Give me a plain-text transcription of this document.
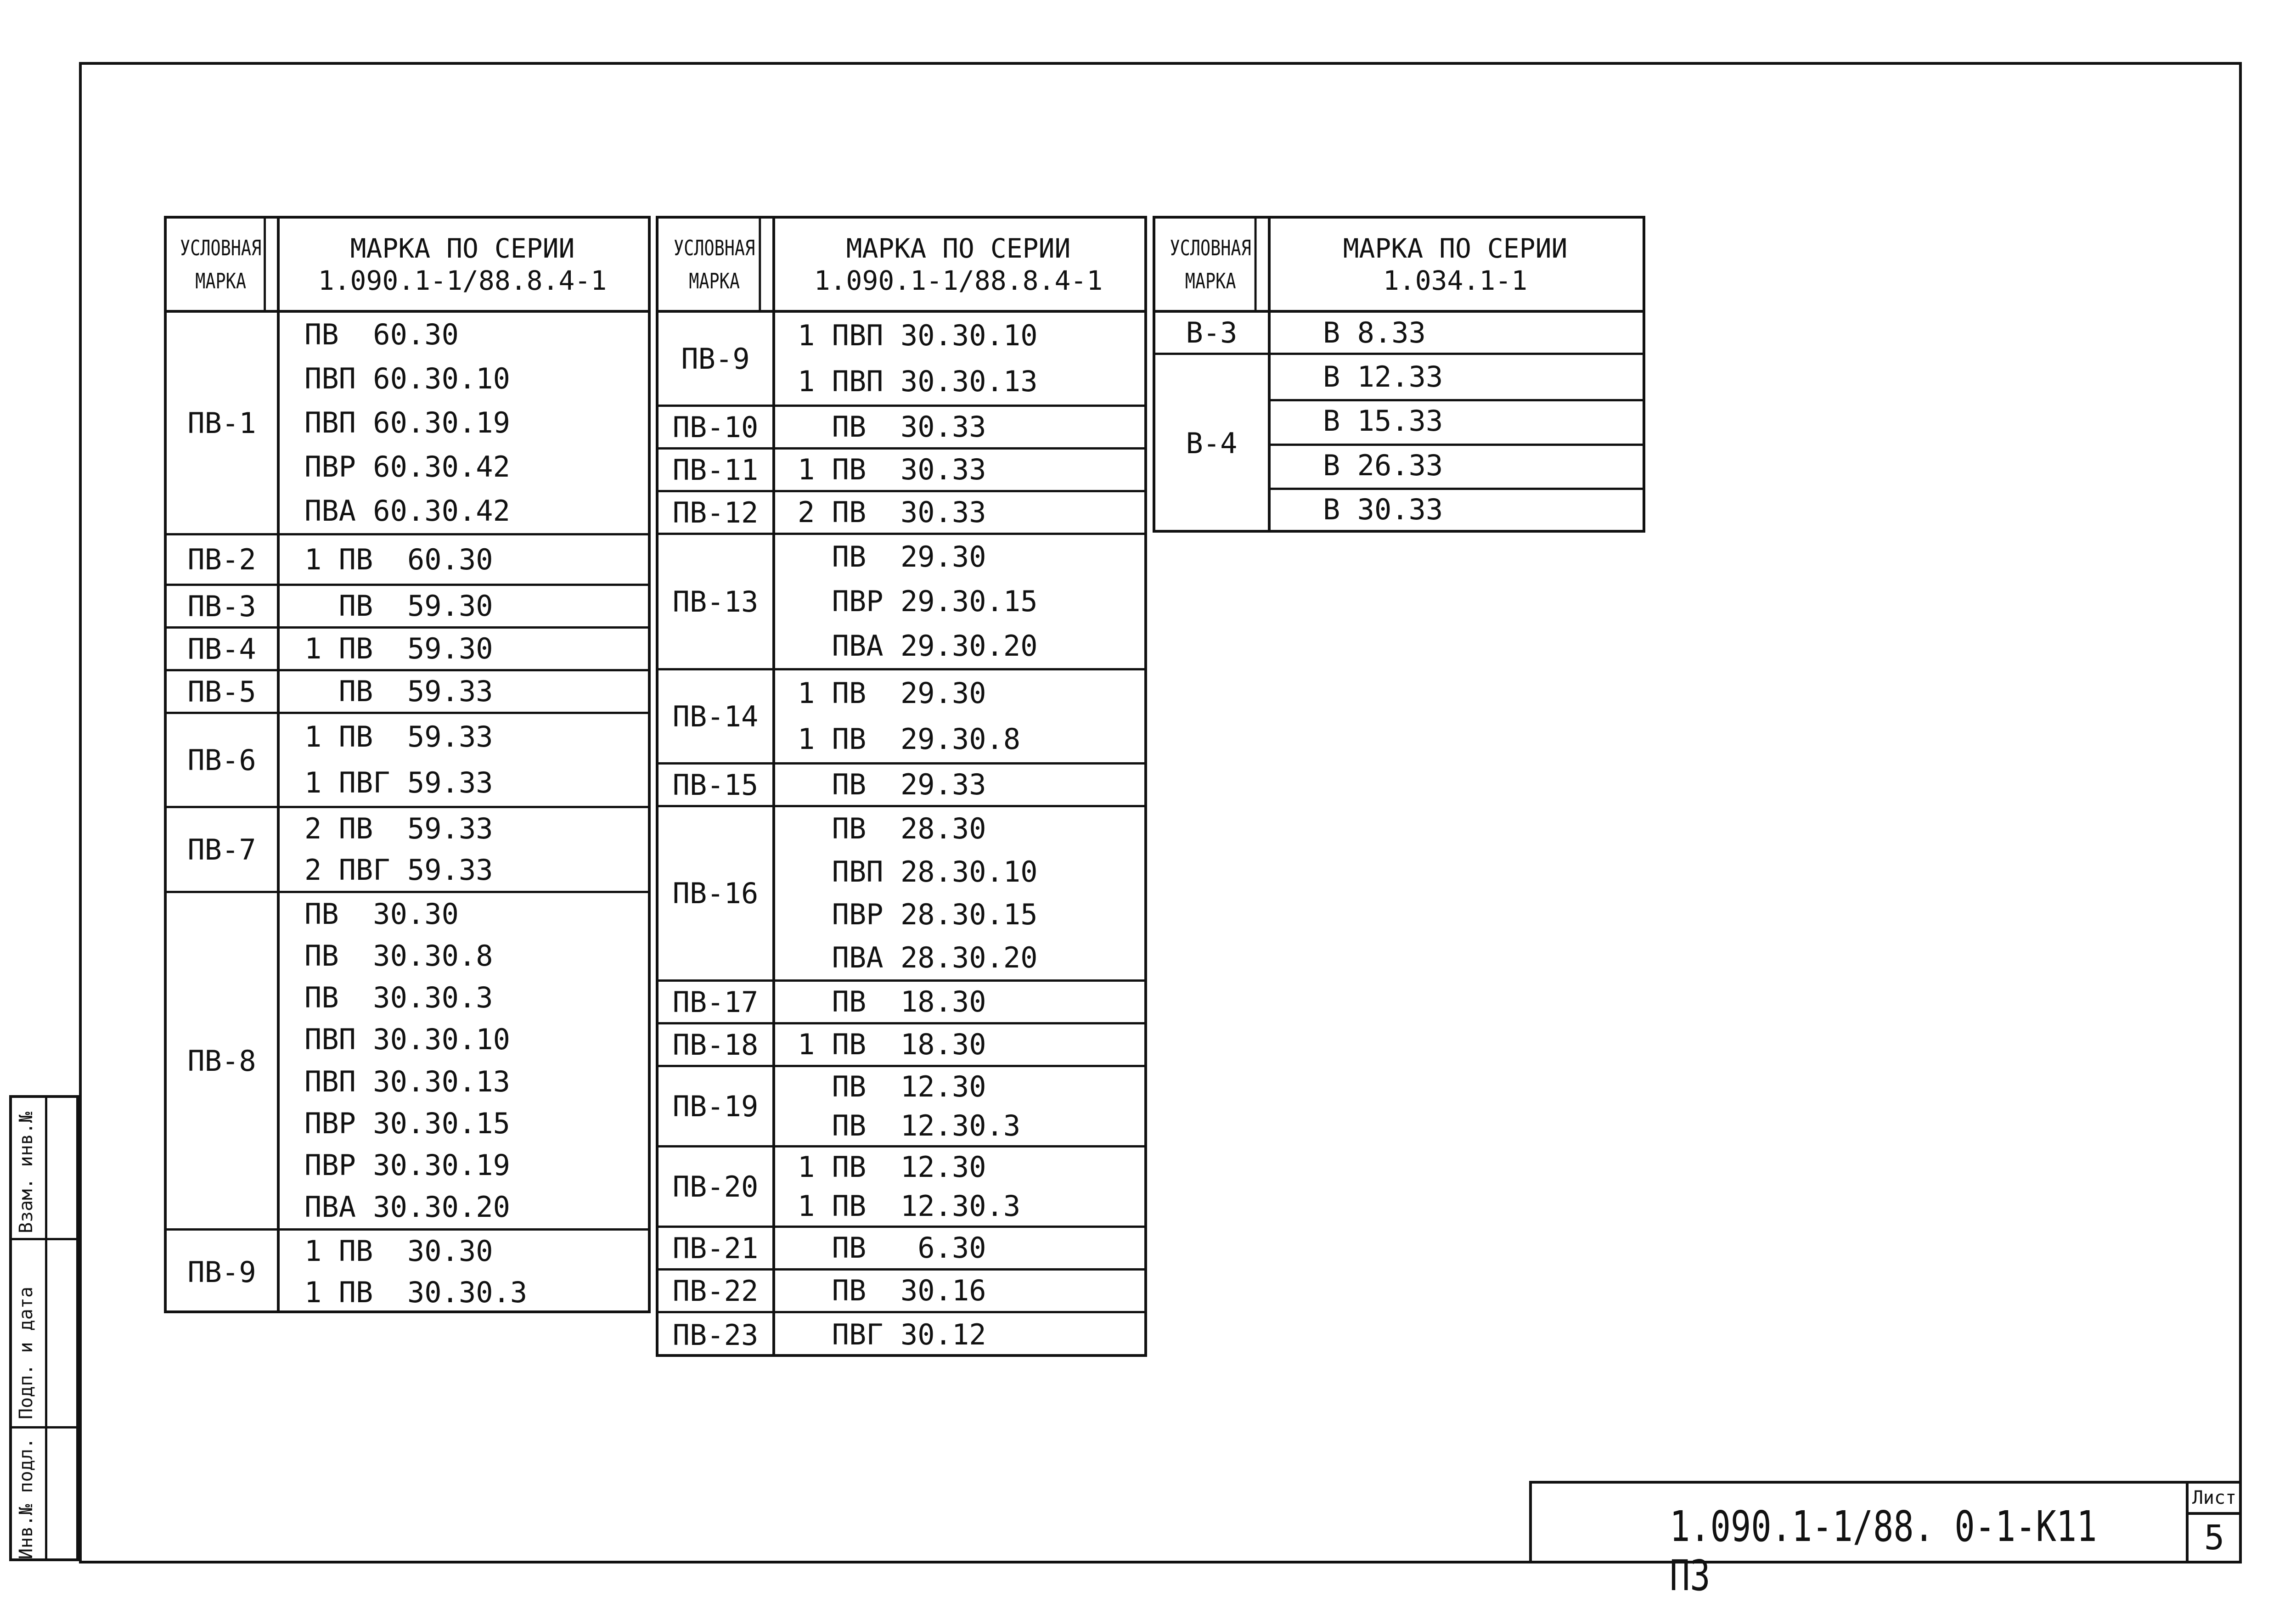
УСЛОВНАЯ
МАРКА
МАРКА ПО СЕРИИ
1.090.1-1/88.8.4-1
ПВ-1
ПВ  60.30
ПВП 60.30.10
ПВП 60.30.19
ПВР 60.30.42
ПВА 60.30.42
ПВ-2	1 ПВ  60.30
ПВ-3	ПВ  59.30
ПВ-4	1 ПВ  59.30
ПВ-5	ПВ  59.33
ПВ-6
1 ПВ  59.33
1 ПВГ 59.33
ПВ-7
2 ПВ  59.33
2 ПВГ 59.33
ПВ-8
ПВ  30.30
ПВ  30.30.8
ПВ  30.30.3
ПВП 30.30.10
ПВП 30.30.13
ПВР 30.30.15
ПВР 30.30.19
ПВА 30.30.20
ПВ-9
1 ПВ  30.30
1 ПВ  30.30.3
УСЛОВНАЯ
МАРКА
МАРКА ПО СЕРИИ
1.090.1-1/88.8.4-1
ПВ-9
1 ПВП 30.30.10
1 ПВП 30.30.13
ПВ-10	ПВ  30.33
ПВ-11	1 ПВ  30.33
ПВ-12	2 ПВ  30.33
ПВ-13
ПВ  29.30
ПВР 29.30.15
ПВА 29.30.20
ПВ-14
1 ПВ  29.30
1 ПВ  29.30.8
ПВ-15	ПВ  29.33
ПВ-16
ПВ  28.30
ПВП 28.30.10
ПВР 28.30.15
ПВА 28.30.20
ПВ-17	ПВ  18.30
ПВ-18	1 ПВ  18.30
ПВ-19
ПВ  12.30
ПВ  12.30.3
ПВ-20
1 ПВ  12.30
1 ПВ  12.30.3
ПВ-21	ПВ   6.30
ПВ-22	ПВ  30.16
ПВ-23	ПВГ 30.12
УСЛОВНАЯ
МАРКА
МАРКА ПО СЕРИИ
1.034.1-1
В-3	В 8.33
В-4
В 12.33
В 15.33
В 26.33
В 30.33
1.090.1-1/88. 0-1-К11 ПЗ
Лист
5
Взам. инв.№
Подп. и дата
Инв.№ подл.
